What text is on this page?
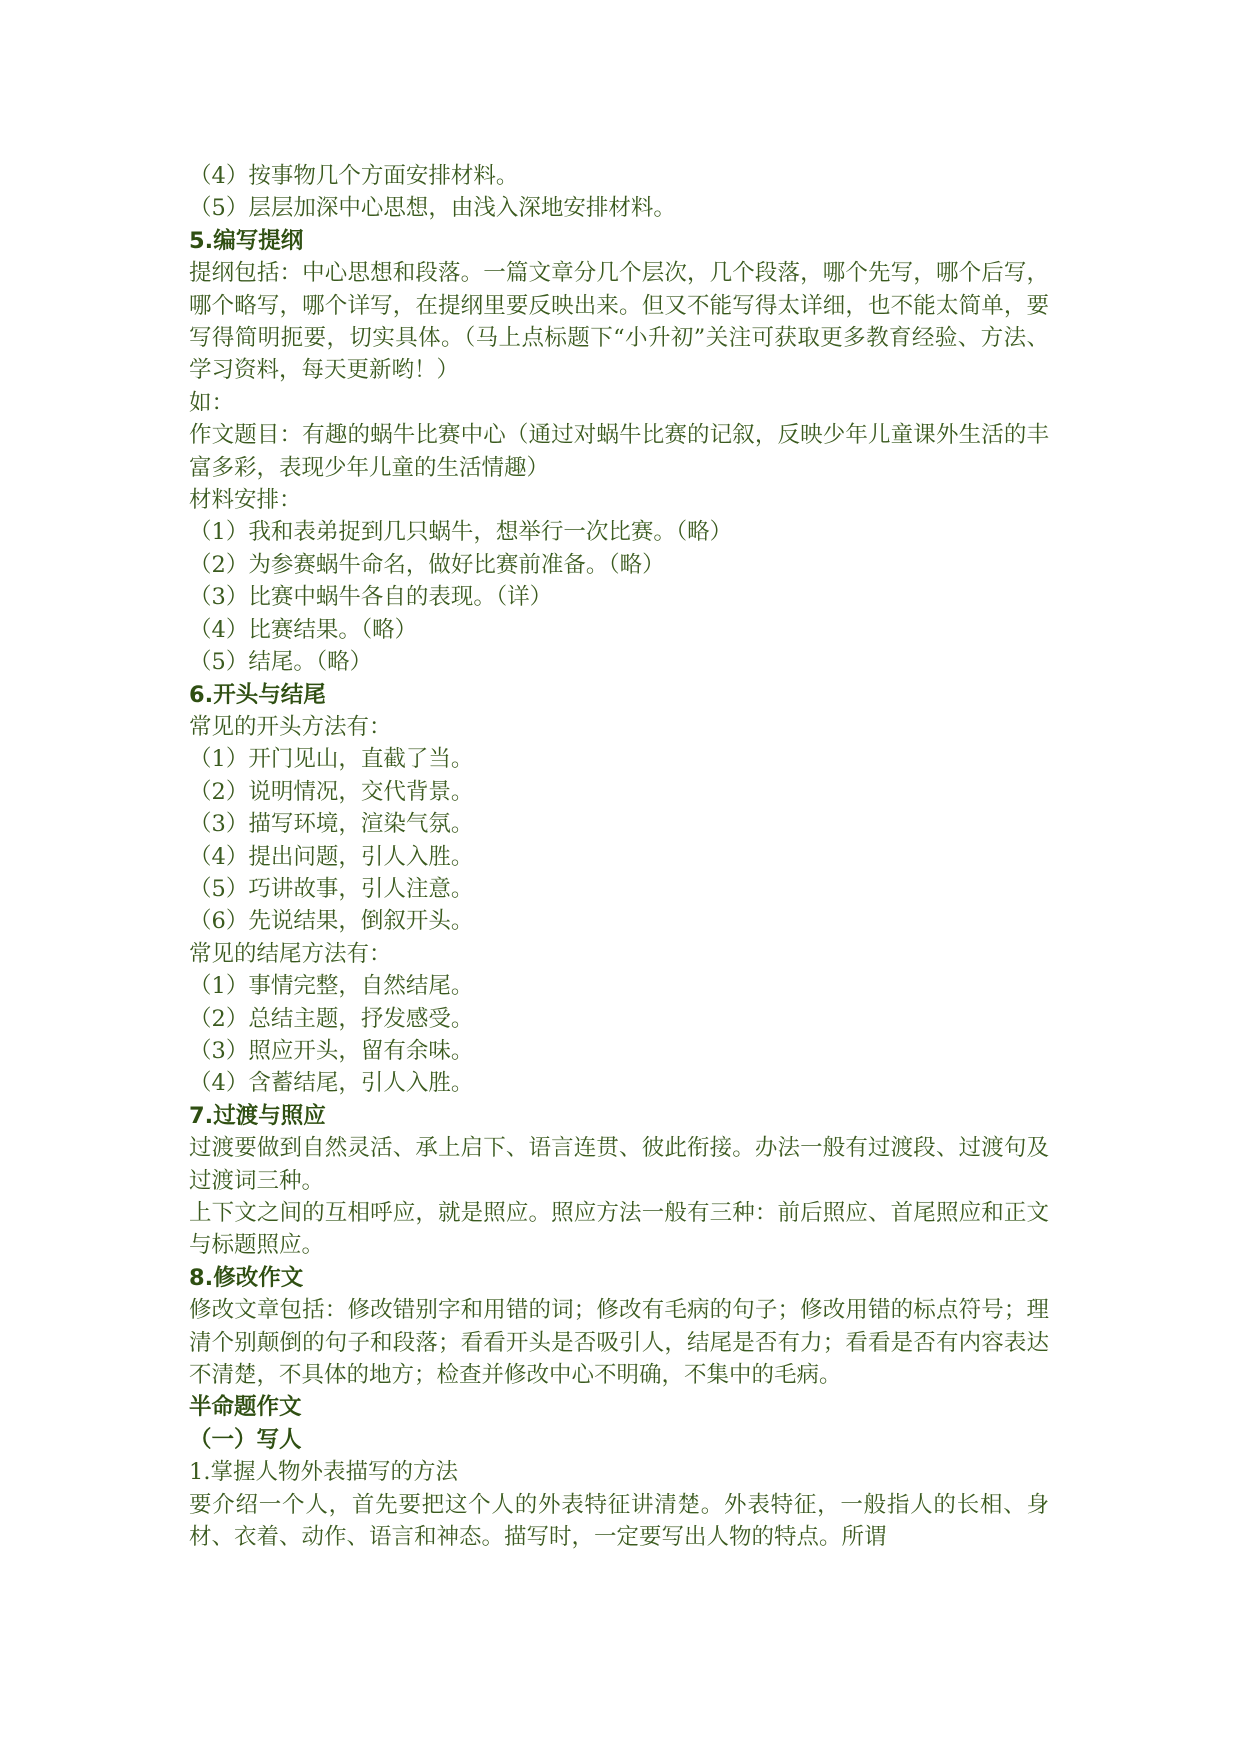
（4）按事物几个方面安排材料。
（5）层层加深中心思想，由浅入深地安排材料。
5.编写提纲
提纲包括：中心思想和段落。一篇文章分几个层次，几个段落，哪个先写，哪个后写，哪个略写，哪个详写，在提纲里要反映出来。但又不能写得太详细，也不能太简单，要写得简明扼要，切实具体。（马上点标题下“小升初”关注可获取更多教育经验、方法、学习资料，每天更新哟！）
如：
作文题目：有趣的蜗牛比赛中心（通过对蜗牛比赛的记叙，反映少年儿童课外生活的丰富多彩，表现少年儿童的生活情趣）
材料安排：
（1）我和表弟捉到几只蜗牛，想举行一次比赛。（略）
（2）为参赛蜗牛命名，做好比赛前准备。（略）
（3）比赛中蜗牛各自的表现。（详）
（4）比赛结果。（略）
（5）结尾。（略）
6.开头与结尾
常见的开头方法有：
（1）开门见山，直截了当。
（2）说明情况，交代背景。
（3）描写环境，渲染气氛。
（4）提出问题，引人入胜。
（5）巧讲故事，引人注意。
（6）先说结果，倒叙开头。
常见的结尾方法有：
（1）事情完整，自然结尾。
（2）总结主题，抒发感受。
（3）照应开头，留有余味。
（4）含蓄结尾，引人入胜。
7.过渡与照应
过渡要做到自然灵活、承上启下、语言连贯、彼此衔接。办法一般有过渡段、过渡句及过渡词三种。
上下文之间的互相呼应，就是照应。照应方法一般有三种：前后照应、首尾照应和正文与标题照应。
8.修改作文
修改文章包括：修改错别字和用错的词；修改有毛病的句子；修改用错的标点符号；理清个别颠倒的句子和段落；看看开头是否吸引人，结尾是否有力；看看是否有内容表达不清楚，不具体的地方；检查并修改中心不明确，不集中的毛病。
半命题作文
（一）写人
1.掌握人物外表描写的方法
要介绍一个人，首先要把这个人的外表特征讲清楚。外表特征，一般指人的长相、身材、衣着、动作、语言和神态。描写时，一定要写出人物的特点。所谓
